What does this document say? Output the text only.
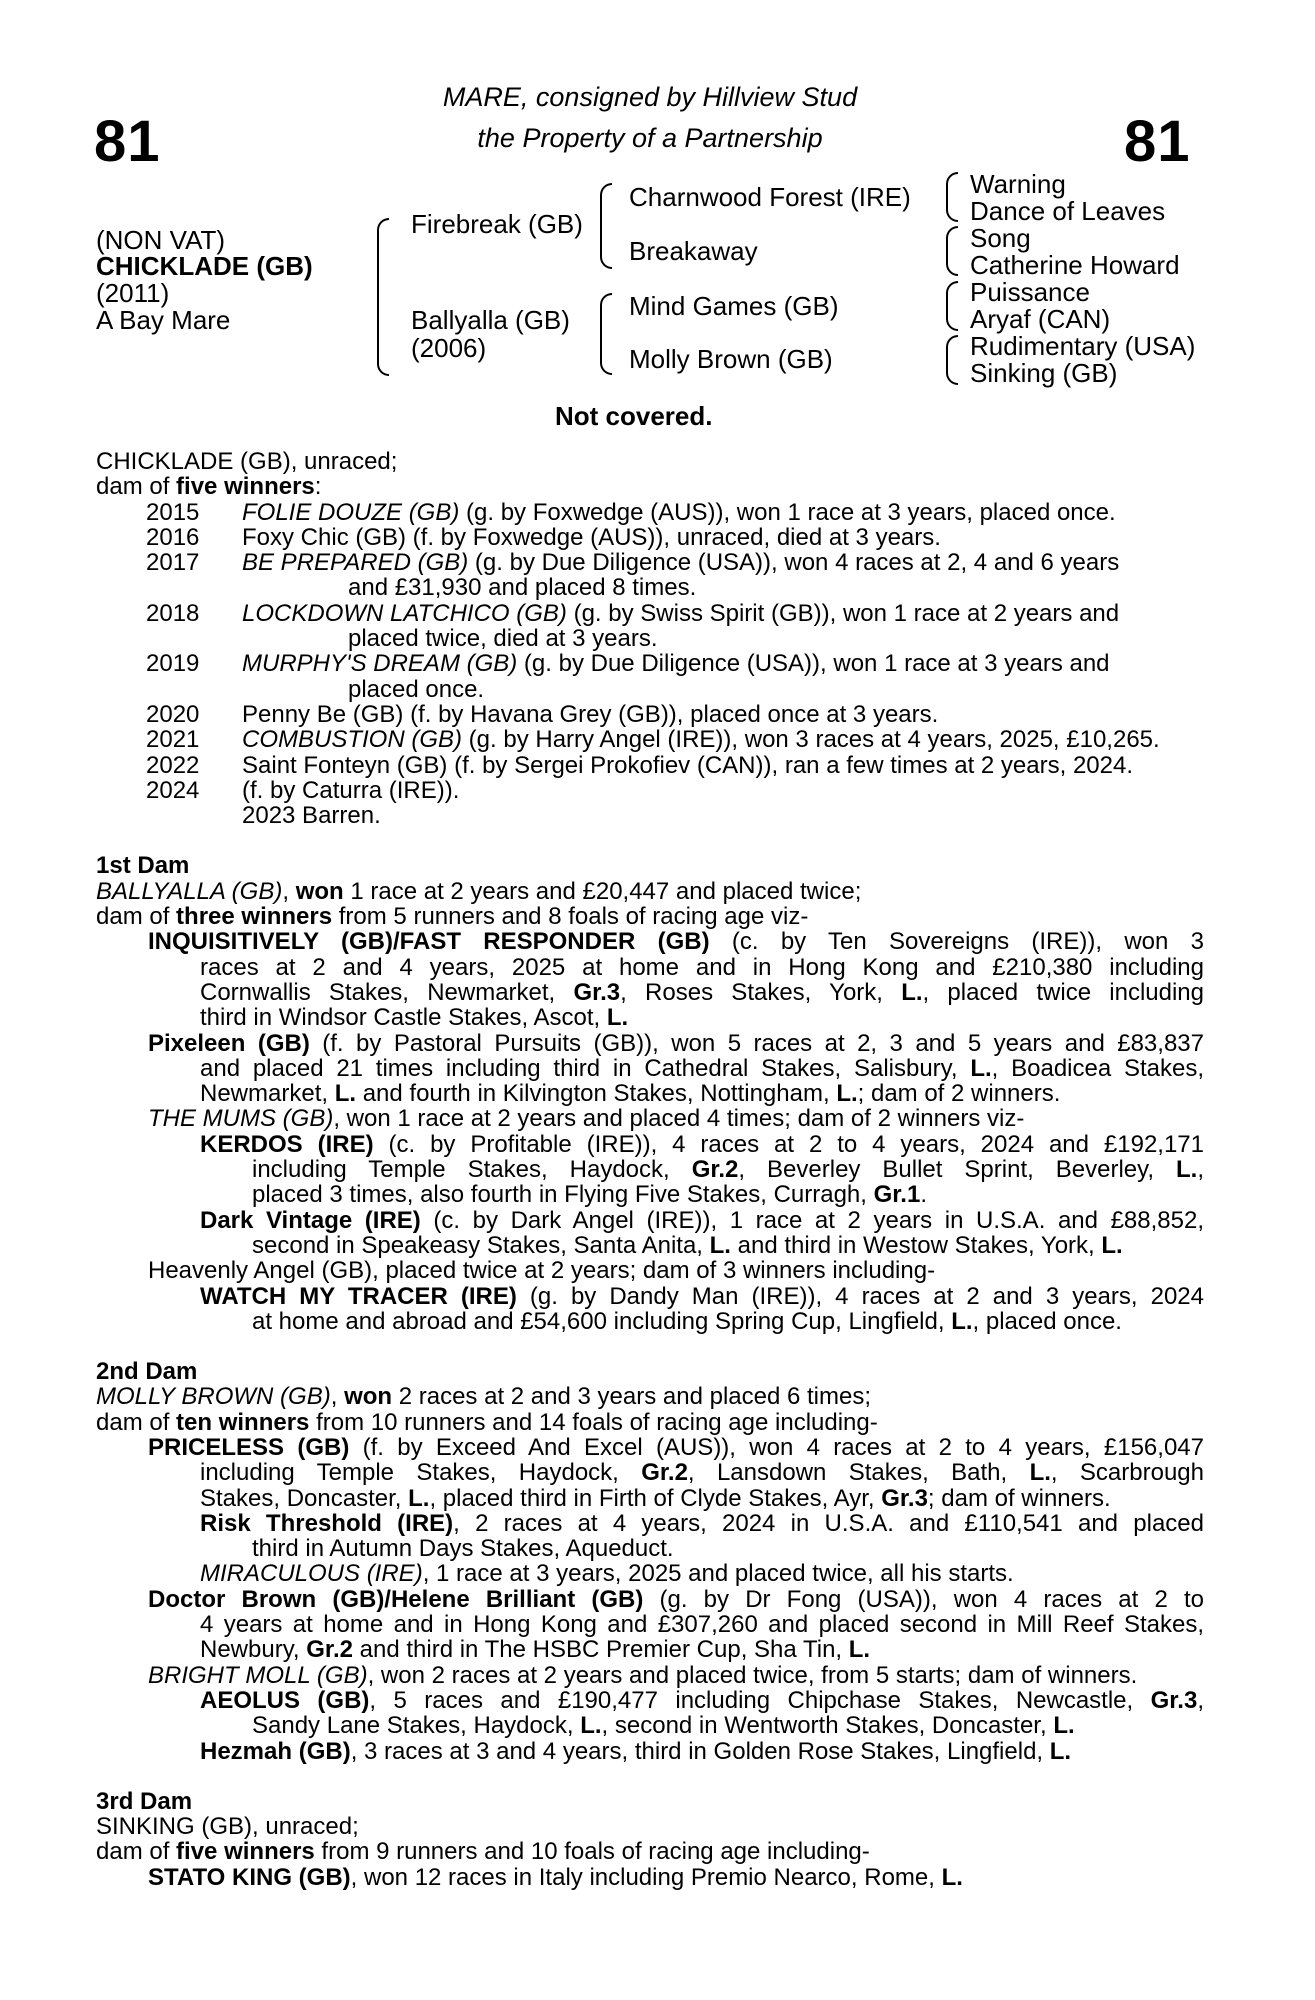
81	81
MARE, consigned by Hillview Stud
the Property of a Partnership
(NON VAT)
CHICKLADE (GB)
(2011)
A Bay Mare
Firebreak (GB)
Ballyalla (GB)
(2006)
Charnwood Forest (IRE)
Breakaway
Mind Games (GB)
Molly Brown (GB)
Warning
Dance of Leaves
Song
Catherine Howard
Puissance
Aryaf (CAN)
Rudimentary (USA)
Sinking (GB)
Not covered.
CHICKLADE (GB), unraced;
dam of five winners:
2015 FOLIE DOUZE (GB) (g. by Foxwedge (AUS)), won 1 race at 3 years, placed once.
2016 Foxy Chic (GB) (f. by Foxwedge (AUS)), unraced, died at 3 years.
2017 BE PREPARED (GB) (g. by Due Diligence (USA)), won 4 races at 2, 4 and 6 years
and £31,930 and placed 8 times.
2018 LOCKDOWN LATCHICO (GB) (g. by Swiss Spirit (GB)), won 1 race at 2 years and
placed twice, died at 3 years.
2019 MURPHY'S DREAM (GB) (g. by Due Diligence (USA)), won 1 race at 3 years and
placed once.
2020 Penny Be (GB) (f. by Havana Grey (GB)), placed once at 3 years.
2021 COMBUSTION (GB) (g. by Harry Angel (IRE)), won 3 races at 4 years, 2025, £10,265.
2022 Saint Fonteyn (GB) (f. by Sergei Prokofiev (CAN)), ran a few times at 2 years, 2024.
2024 (f. by Caturra (IRE)).
2023 Barren.
1st Dam
BALLYALLA (GB), won 1 race at 2 years and £20,447 and placed twice;
dam of three winners from 5 runners and 8 foals of racing age viz-
INQUISITIVELY (GB)/FAST RESPONDER (GB) (c. by Ten Sovereigns (IRE)), won 3
races at 2 and 4 years, 2025 at home and in Hong Kong and £210,380 including
Cornwallis Stakes, Newmarket, Gr.3, Roses Stakes, York, L., placed twice including
third in Windsor Castle Stakes, Ascot, L.
Pixeleen (GB) (f. by Pastoral Pursuits (GB)), won 5 races at 2, 3 and 5 years and £83,837
and placed 21 times including third in Cathedral Stakes, Salisbury, L., Boadicea Stakes,
Newmarket, L. and fourth in Kilvington Stakes, Nottingham, L.; dam of 2 winners.
THE MUMS (GB), won 1 race at 2 years and placed 4 times; dam of 2 winners viz-
KERDOS (IRE) (c. by Profitable (IRE)), 4 races at 2 to 4 years, 2024 and £192,171
including Temple Stakes, Haydock, Gr.2, Beverley Bullet Sprint, Beverley, L.,
placed 3 times, also fourth in Flying Five Stakes, Curragh, Gr.1.
Dark Vintage (IRE) (c. by Dark Angel (IRE)), 1 race at 2 years in U.S.A. and £88,852,
second in Speakeasy Stakes, Santa Anita, L. and third in Westow Stakes, York, L.
Heavenly Angel (GB), placed twice at 2 years; dam of 3 winners including-
WATCH MY TRACER (IRE) (g. by Dandy Man (IRE)), 4 races at 2 and 3 years, 2024
at home and abroad and £54,600 including Spring Cup, Lingfield, L., placed once.
2nd Dam
MOLLY BROWN (GB), won 2 races at 2 and 3 years and placed 6 times;
dam of ten winners from 10 runners and 14 foals of racing age including-
PRICELESS (GB) (f. by Exceed And Excel (AUS)), won 4 races at 2 to 4 years, £156,047
including Temple Stakes, Haydock, Gr.2, Lansdown Stakes, Bath, L., Scarbrough
Stakes, Doncaster, L., placed third in Firth of Clyde Stakes, Ayr, Gr.3; dam of winners.
Risk Threshold (IRE), 2 races at 4 years, 2024 in U.S.A. and £110,541 and placed
third in Autumn Days Stakes, Aqueduct.
MIRACULOUS (IRE), 1 race at 3 years, 2025 and placed twice, all his starts.
Doctor Brown (GB)/Helene Brilliant (GB) (g. by Dr Fong (USA)), won 4 races at 2 to
4 years at home and in Hong Kong and £307,260 and placed second in Mill Reef Stakes,
Newbury, Gr.2 and third in The HSBC Premier Cup, Sha Tin, L.
BRIGHT MOLL (GB), won 2 races at 2 years and placed twice, from 5 starts; dam of winners.
AEOLUS (GB), 5 races and £190,477 including Chipchase Stakes, Newcastle, Gr.3,
Sandy Lane Stakes, Haydock, L., second in Wentworth Stakes, Doncaster, L.
Hezmah (GB), 3 races at 3 and 4 years, third in Golden Rose Stakes, Lingfield, L.
3rd Dam
SINKING (GB), unraced;
dam of five winners from 9 runners and 10 foals of racing age including-
STATO KING (GB), won 12 races in Italy including Premio Nearco, Rome, L.
